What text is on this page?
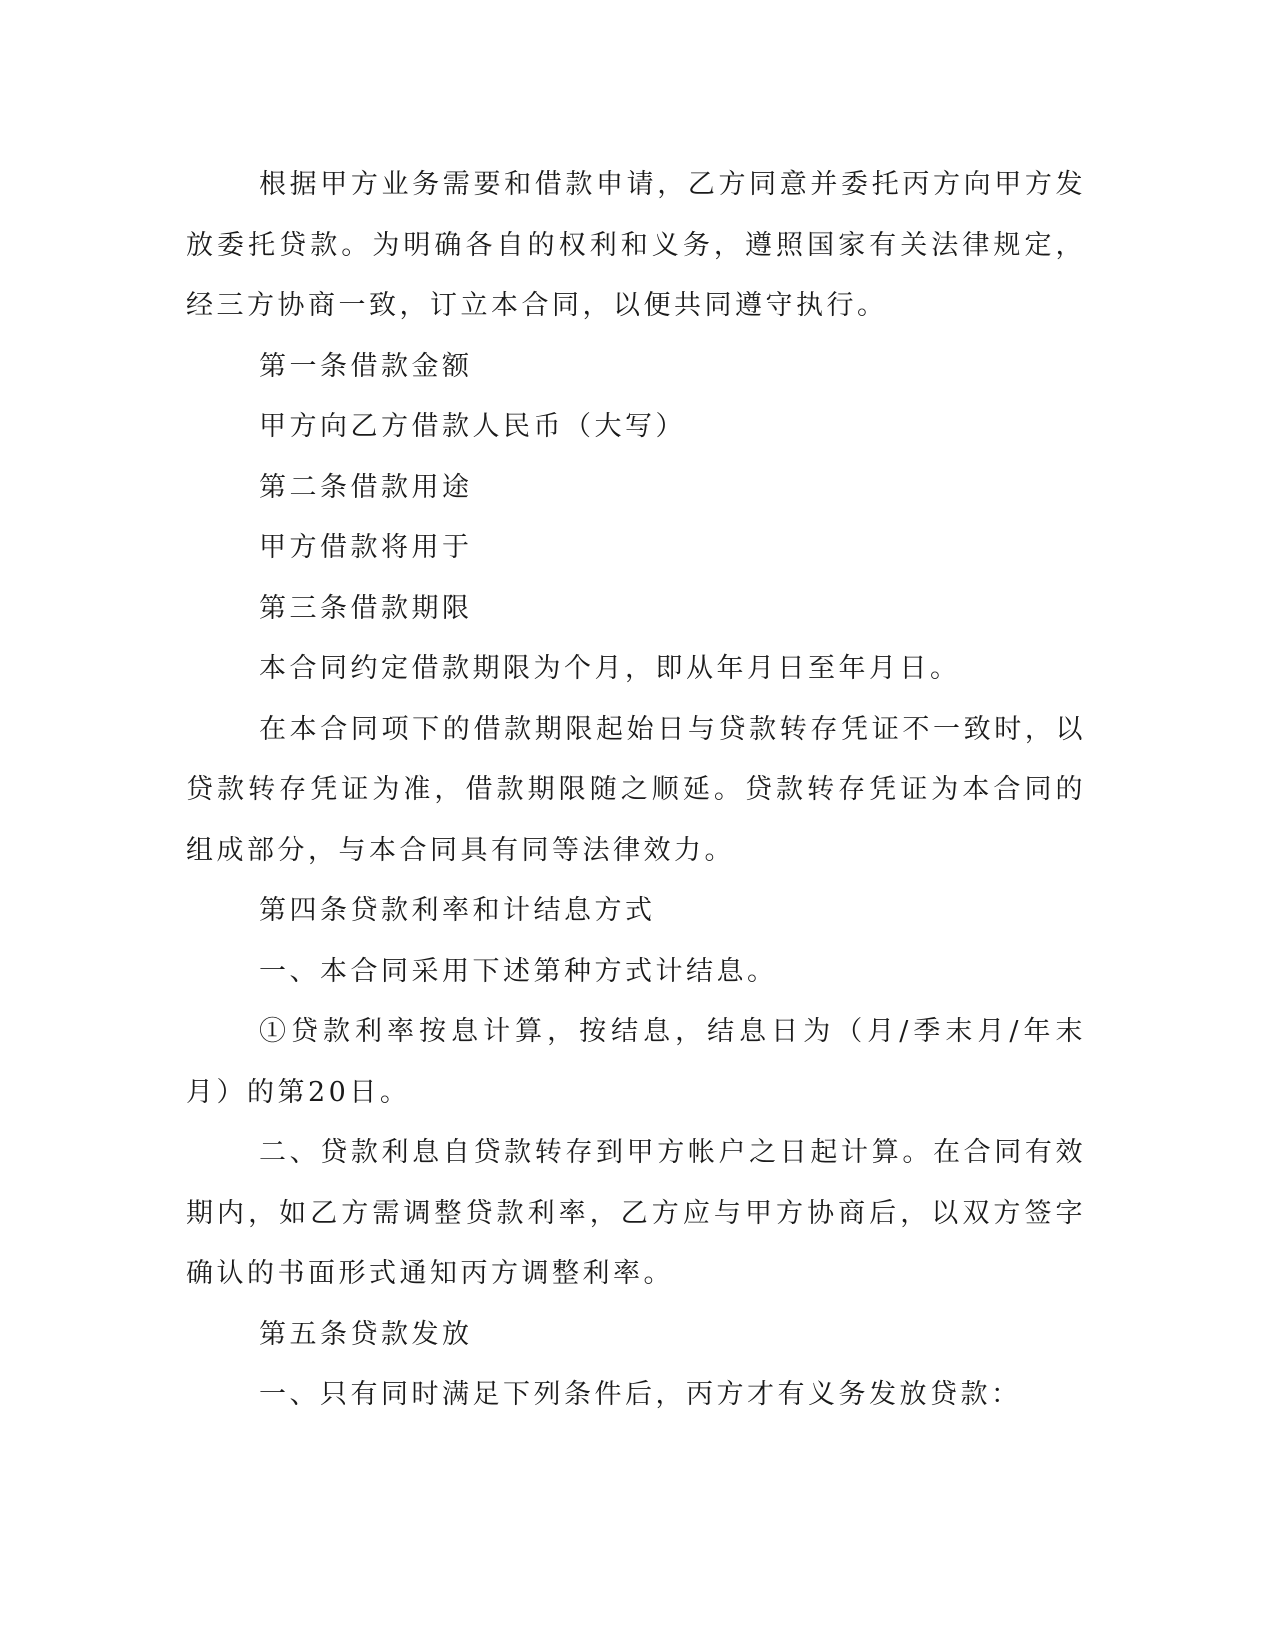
根据甲方业务需要和借款申请，乙方同意并委托丙方向甲方发放委托贷款。为明确各自的权利和义务，遵照国家有关法律规定，经三方协商一致，订立本合同，以便共同遵守执行。

第一条借款金额

甲方向乙方借款人民币（大写）

第二条借款用途

甲方借款将用于

第三条借款期限

本合同约定借款期限为个月，即从年月日至年月日。

在本合同项下的借款期限起始日与贷款转存凭证不一致时，以贷款转存凭证为准，借款期限随之顺延。贷款转存凭证为本合同的组成部分，与本合同具有同等法律效力。

第四条贷款利率和计结息方式

一、本合同采用下述第种方式计结息。

①贷款利率按息计算，按结息，结息日为（月/季末月/年末月）的第20日。

二、贷款利息自贷款转存到甲方帐户之日起计算。在合同有效期内，如乙方需调整贷款利率，乙方应与甲方协商后，以双方签字确认的书面形式通知丙方调整利率。

第五条贷款发放

一、只有同时满足下列条件后，丙方才有义务发放贷款：
